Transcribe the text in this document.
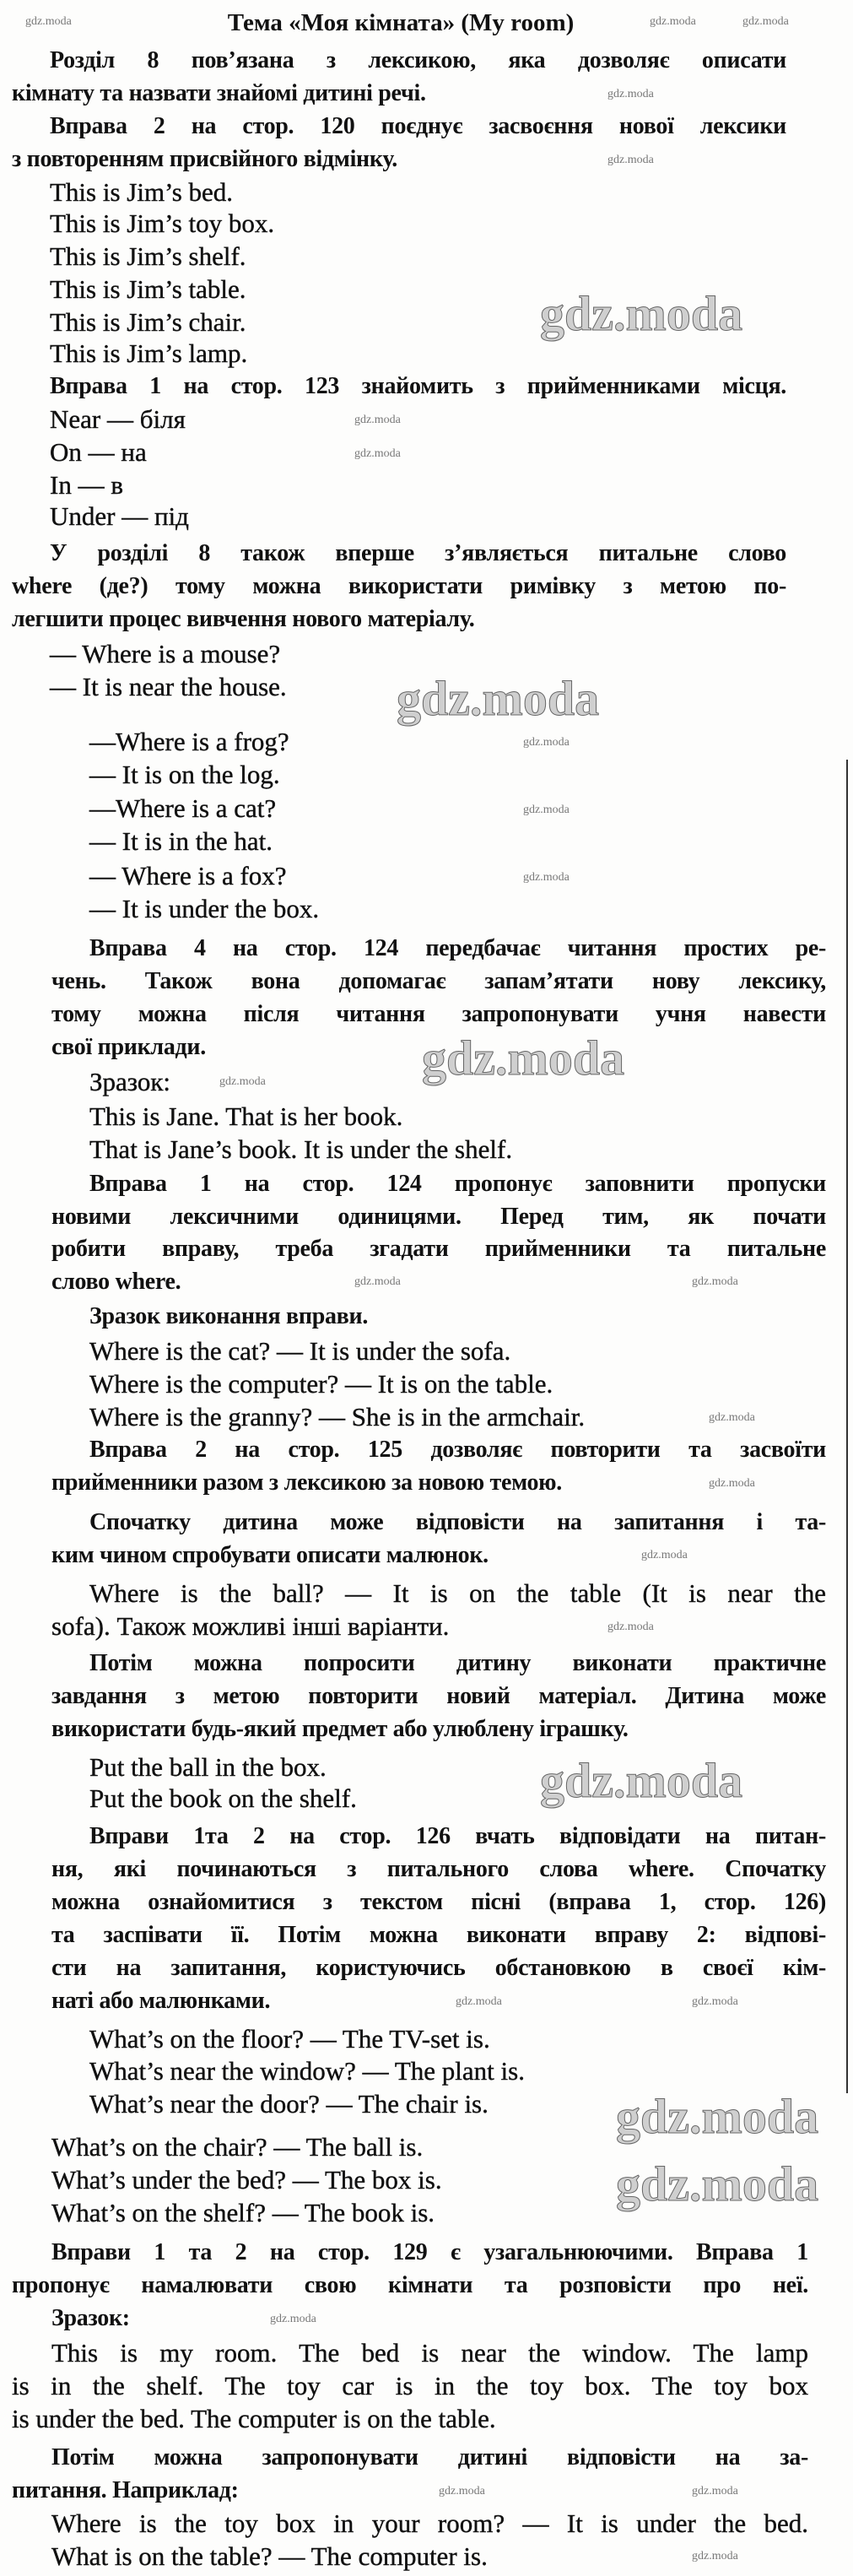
Тема «Моя кімната» (My room)
Розділ 8 пов’язана з лексикою, яка дозволяє описати
кімнату та назвати знайомі дитині речі.
Вправа 2 на стор. 120 поєднує засвоєння нової лексики
з повторенням присвійного відмінку.
This is Jim’s bed.
This is Jim’s toy box.
This is Jim’s shelf.
This is Jim’s table.
This is Jim’s chair.
This is Jim’s lamp.
Вправа 1 на стор. 123 знайомить з прийменниками місця.
Near — біля
On — на
In — в
Under — під
У розділі 8 також вперше з’являється питальне слово
where (де?) тому можна використати римівку з метою по-
легшити процес вивчення нового матеріалу.
— Where is a mouse?
— It is near the house.
—Where is a frog?
— It is on the log.
—Where is a cat?
— It is in the hat.
— Where is a fox?
— It is under the box.
Вправа 4 на стор. 124 передбачає читання простих ре-
чень. Також вона допомагає запам’ятати нову лексику,
тому можна після читання запропонувати учня навести
свої приклади.
Зразок:
This is Jane. That is her book.
That is Jane’s book. It is under the shelf.
Вправа 1 на стор. 124 пропонує заповнити пропуски
новими лексичними одиницями. Перед тим, як почати
робити вправу, треба згадати прийменники та питальне
слово where.
Зразок виконання вправи.
Where is the cat? — It is under the sofa.
Where is the computer? — It is on the table.
Where is the granny? — She is in the armchair.
Вправа 2 на стор. 125 дозволяє повторити та засвоїти
прийменники разом з лексикою за новою темою.
Спочатку дитина може відповісти на запитання і та-
ким чином спробувати описати малюнок.
Where is the ball? — It is on the table (It is near the
sofa). Також можливі інші варіанти.
Потім можна попросити дитину виконати практичне
завдання з метою повторити новий матеріал. Дитина може
використати будь-який предмет або улюблену іграшку.
Put the ball in the box.
Put the book on the shelf.
Вправи 1та 2 на стор. 126 вчать відповідати на питан-
ня, які починаються з питального слова where. Спочатку
можна ознайомитися з текстом пісні (вправа 1, стор. 126)
та заспівати її. Потім можна виконати вправу 2: відпові-
сти на запитання, користуючись обстановкою в своєї кім-
наті або малюнками.
What’s on the floor? — The TV-set is.
What’s near the window? — The plant is.
What’s near the door? — The chair is.
What’s on the chair? — The ball is.
What’s under the bed? — The box is.
What’s on the shelf? — The book is.
Вправи 1 та 2 на стор. 129 є узагальнюючими. Вправа 1
пропонує намалювати свою кімнати та розповісти про неї.
Зразок:
This is my room. The bed is near the window. The lamp
is in the shelf. The toy car is in the toy box. The toy box
is under the bed. The computer is on the table.
Потім можна запропонувати дитині відповісти на за-
питання. Наприклад:
Where is the toy box in your room? — It is under the bed.
What is on the table? — The computer is.
gdz.moda
gdz.moda
gdz.moda
gdz.moda
gdz.moda
gdz.moda
gdz.moda	gdz.moda	gdz.moda
gdz.moda
gdz.moda
gdz.moda
gdz.moda
gdz.moda
gdz.moda
gdz.moda
gdz.moda
gdz.moda	gdz.moda
gdz.moda
gdz.moda
gdz.moda
gdz.moda
gdz.moda	gdz.moda
gdz.moda
gdz.moda	gdz.moda
gdz.moda
